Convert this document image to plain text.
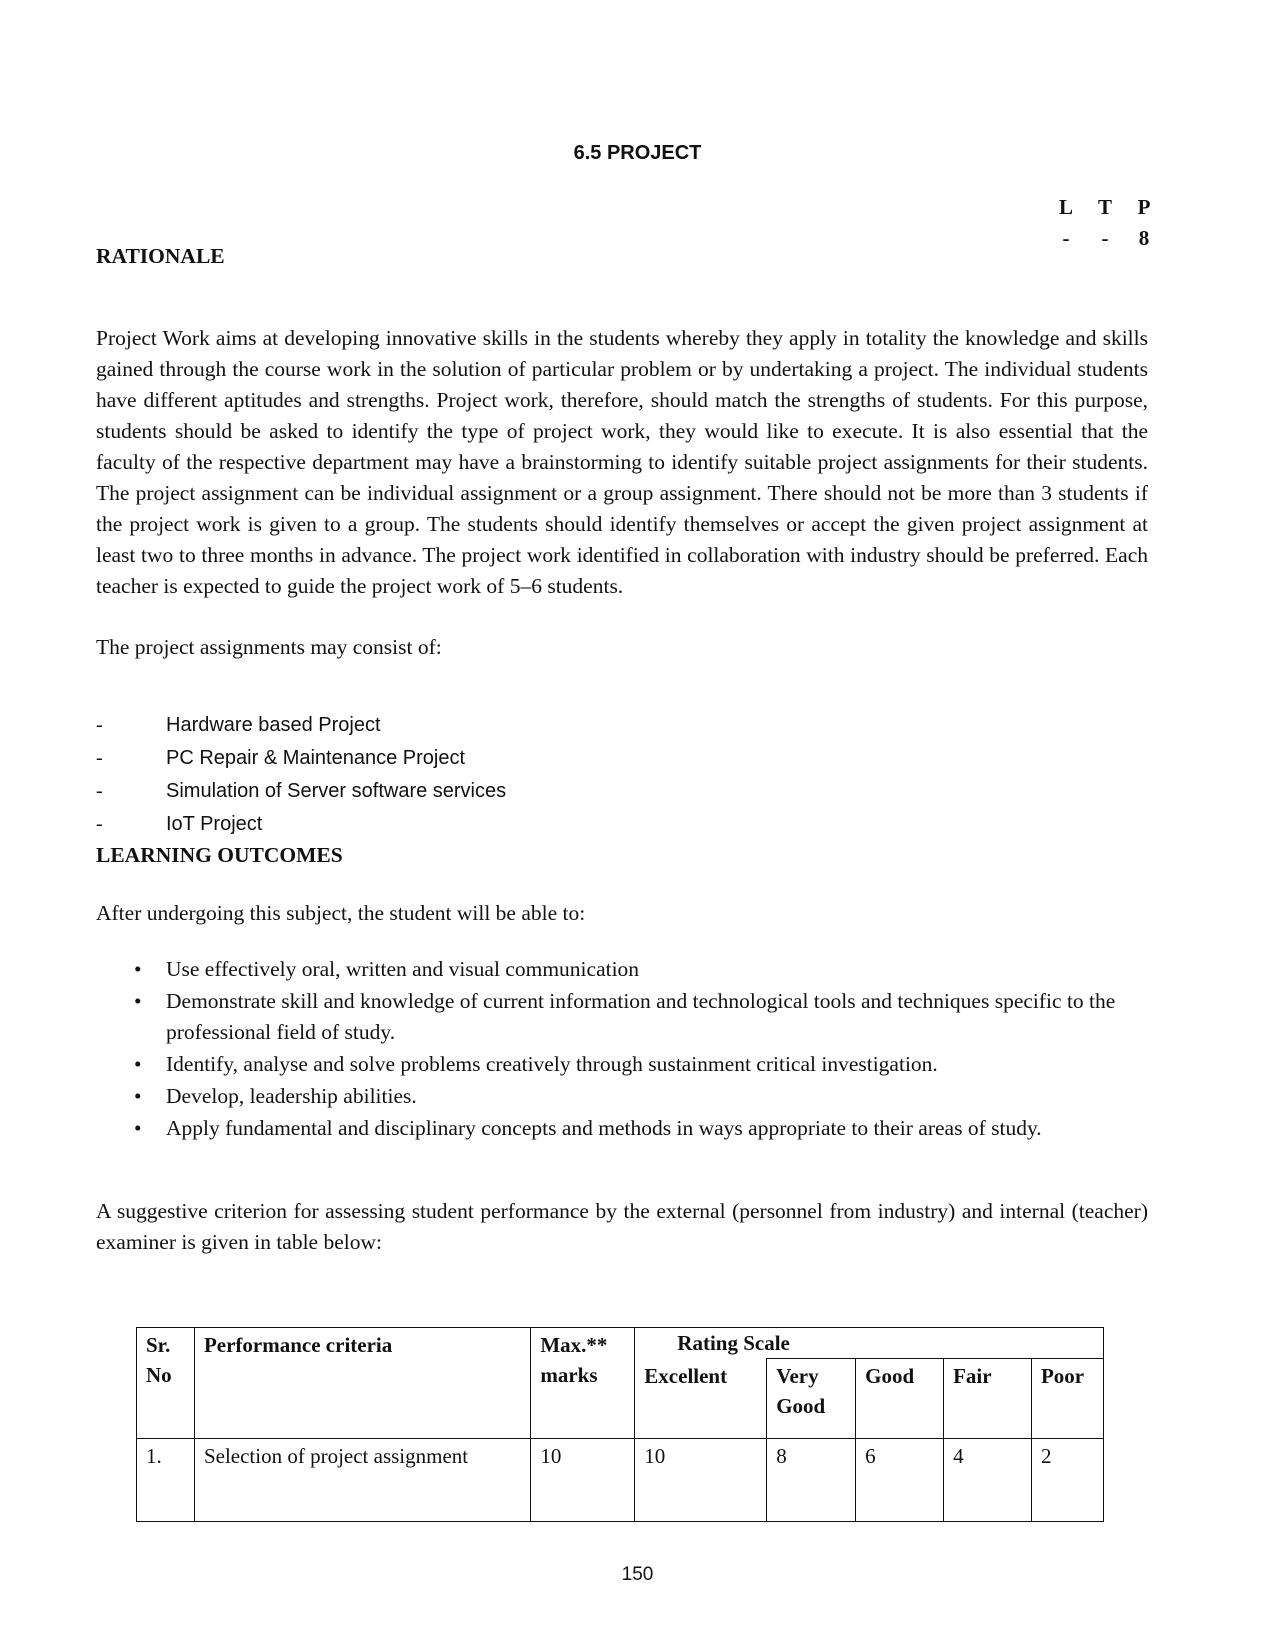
6.5 PROJECT
L T P
-	-	8
RATIONALE
Project Work aims at developing innovative skills in the students whereby they apply in totality the knowledge and skills gained through the course work in the solution of particular problem or by undertaking a project. The individual students have different aptitudes and strengths. Project work, therefore, should match the strengths of students. For this purpose, students should be asked to identify the type of project work, they would like to execute. It is also essential that the faculty of the respective department may have a brainstorming to identify suitable project assignments for their students. The project assignment can be individual assignment or a group assignment. There should not be more than 3 students if the project work is given to a group. The students should identify themselves or accept the given project assignment at least two to three months in advance. The project work identified in collaboration with industry should be preferred. Each teacher is expected to guide the project work of 5–6 students.
The project assignments may consist of:
-	Hardware based Project
-	PC Repair & Maintenance Project
-	Simulation of Server software services
-	IoT Project
LEARNING OUTCOMES
After undergoing this subject, the student will be able to:
•	Use effectively oral, written and visual communication
•	Demonstrate skill and knowledge of current information and technological tools and techniques specific to the professional field of study.
•	Identify, analyse and solve problems creatively through sustainment critical investigation.
•	Develop, leadership abilities.
•	Apply fundamental and disciplinary concepts and methods in ways appropriate to their areas of study.
A suggestive criterion for assessing student performance by the external (personnel from industry) and internal (teacher) examiner is given in table below:
Sr. No	Performance criteria	Max.** marks	Rating Scale				
			Excellent	Very Good	Good	Fair	Poor
1.	Selection of project assignment	10	10	8	6	4	2
150
